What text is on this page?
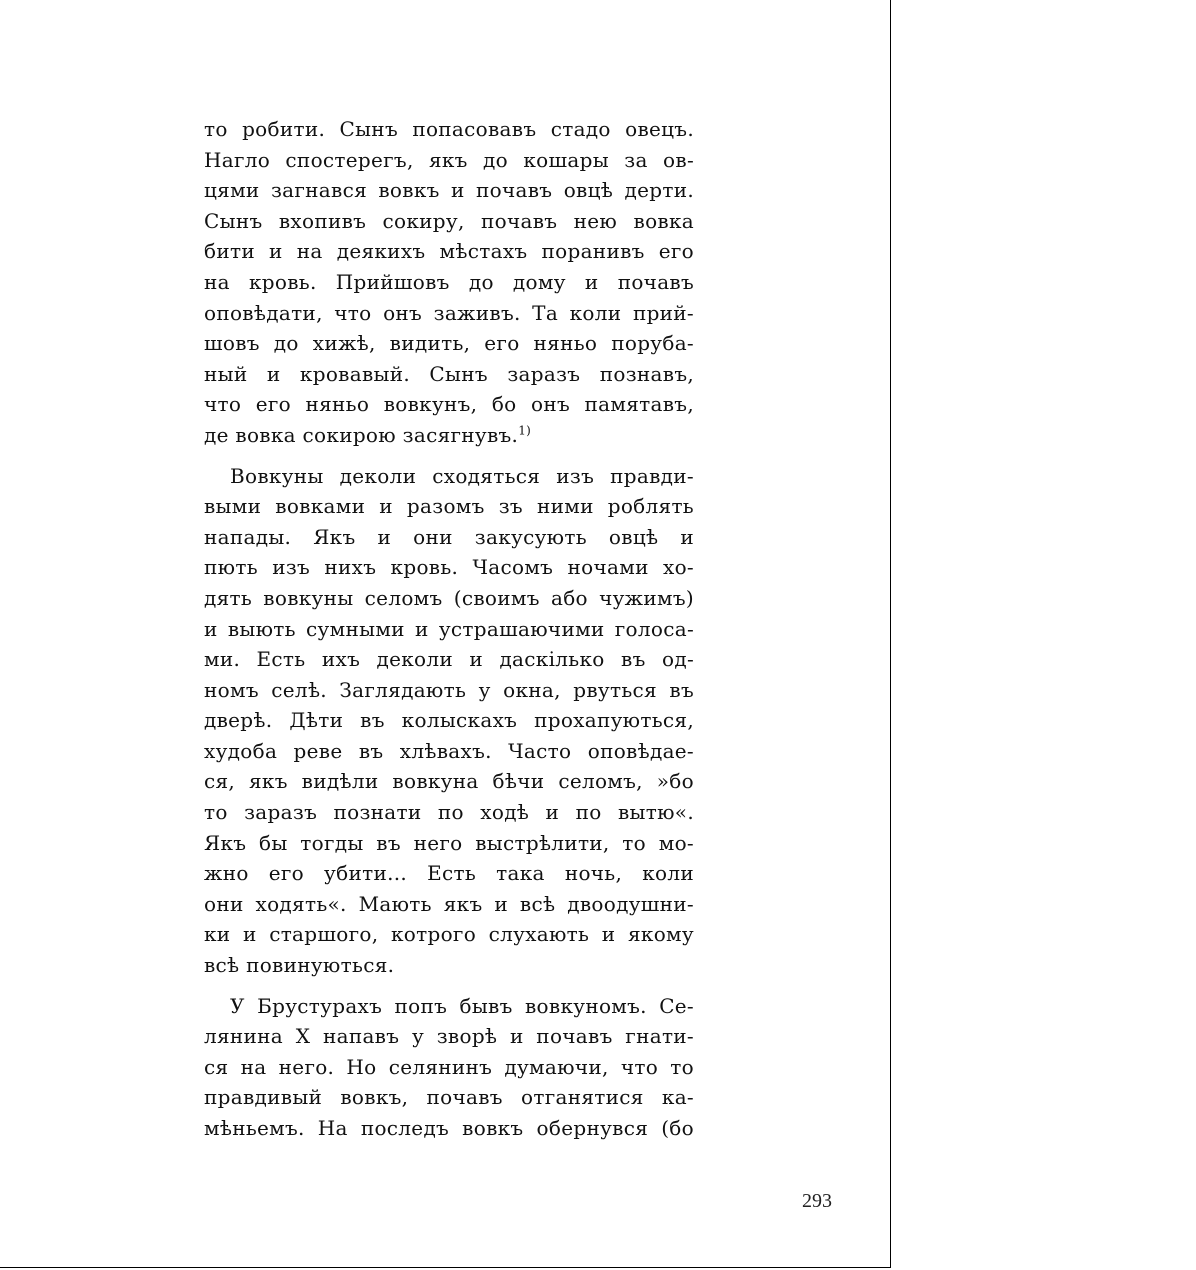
то робити. Сынъ попасовавъ стадо овецъ.
Нагло спостерегъ, якъ до кошары за ов-
цями загнався вовкъ и почавъ овцѣ дерти.
Сынъ вхопивъ сокиру, почавъ нею вовка
бити и на деякихъ мѣстахъ поранивъ его
на кровь. Прийшовъ до дому и почавъ
оповѣдати, что онъ заживъ. Та коли прий-
шовъ до хижѣ, видить, его няньо поруба-
ный и кровавый. Сынъ заразъ познавъ,
что его няньо вовкунъ, бо онъ памятавъ,
де вовка сокирою засягнувъ.$^{1)}$
Вовкуны деколи сходяться изъ правди-
выми вовками и разомъ зъ ними роблять
напады. Якъ и они закусують овцѣ и
пють изъ нихъ кровь. Часомъ ночами хо-
дять вовкуны селомъ (своимъ або чужимъ)
и выють сумными и устрашаючими голоса-
ми. Есть ихъ деколи и даскілько въ од-
номъ селѣ. Заглядають у окна, рвуться въ
дверѣ. Дѣти въ колыскахъ прохапуються,
худоба реве въ хлѣвахъ. Часто оповѣдае-
ся, якъ видѣли вовкуна бѣчи селомъ, »бо
то заразъ познати по ходѣ и по вытю«.
Якъ бы тогды въ него выстрѣлити, то мо-
жно его убити... Есть така ночь, коли
они ходять«. Мають якъ и всѣ двоодушни-
ки и старшого, котрого слухають и якому
всѣ повинуються.
У Брустурахъ попъ бывъ вовкуномъ. Се-
лянина Х напавъ у зворѣ и почавъ гнати-
ся на него. Но селянинъ думаючи, что то
правдивый вовкъ, почавъ отганятися ка-
мѣньемъ. На последъ вовкъ обернувся (бо
293
